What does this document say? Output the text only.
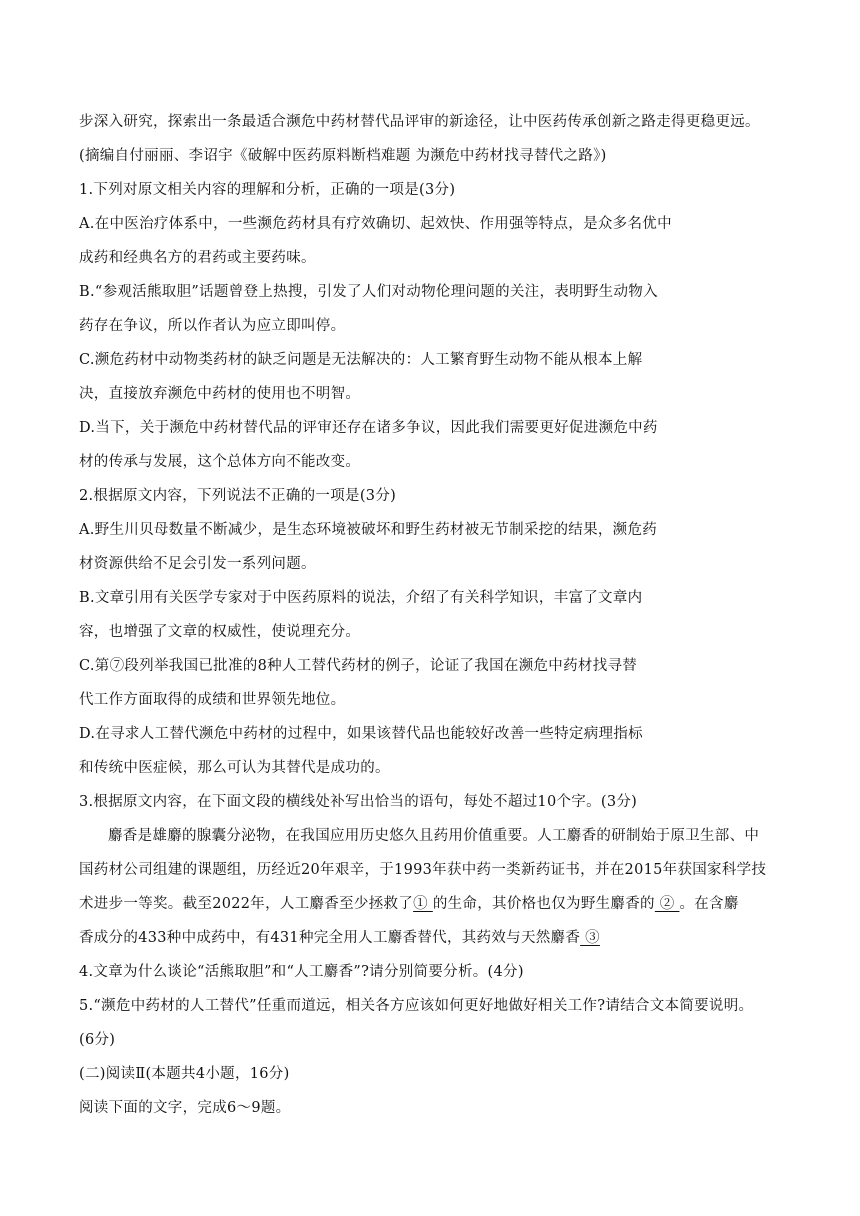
步深入研究，探索出一条最适合濒危中药材替代品评审的新途径，让中医药传承创新之路走得更稳更远。
(摘编自付丽丽、李诏宇《破解中医药原料断档难题 为濒危中药材找寻替代之路》)
1.下列对原文相关内容的理解和分析，正确的一项是(3分)
A.在中医治疗体系中，一些濒危药材具有疗效确切、起效快、作用强等特点，是众多名优中
成药和经典名方的君药或主要药味。
B.“参观活熊取胆”话题曾登上热搜，引发了人们对动物伦理问题的关注，表明野生动物入
药存在争议，所以作者认为应立即叫停。
C.濒危药材中动物类药材的缺乏问题是无法解决的：人工繁育野生动物不能从根本上解
决，直接放弃濒危中药材的使用也不明智。
D.当下，关于濒危中药材替代品的评审还存在诸多争议，因此我们需要更好促进濒危中药
材的传承与发展，这个总体方向不能改变。
2.根据原文内容，下列说法不正确的一项是(3分)
A.野生川贝母数量不断减少，是生态环境被破坏和野生药材被无节制采挖的结果，濒危药
材资源供给不足会引发一系列问题。
B.文章引用有关医学专家对于中医药原料的说法，介绍了有关科学知识，丰富了文章内
容，也增强了文章的权威性，使说理充分。
C.第⑦段列举我国已批准的8种人工替代药材的例子，论证了我国在濒危中药材找寻替
代工作方面取得的成绩和世界领先地位。
D.在寻求人工替代濒危中药材的过程中，如果该替代品也能较好改善一些特定病理指标
和传统中医症候，那么可认为其替代是成功的。
3.根据原文内容，在下面文段的横线处补写出恰当的语句，每处不超过10个字。(3分)
麝香是雄麝的腺囊分泌物，在我国应用历史悠久且药用价值重要。人工麝香的研制始于原卫生部、中
国药材公司组建的课题组，历经近20年艰辛，于1993年获中药一类新药证书，并在2015年获国家科学技
术进步一等奖。截至2022年，人工麝香至少拯救了① 的生命，其价格也仅为野生麝香的 ② 。在含麝
香成分的433种中成药中，有431种完全用人工麝香替代，其药效与天然麝香 ③
4.文章为什么谈论“活熊取胆”和“人工麝香”?请分别简要分析。(4分)
5.“濒危中药材的人工替代”任重而道远，相关各方应该如何更好地做好相关工作?请结合文本简要说明。
(6分)
(二)阅读Ⅱ(本题共4小题，16分)
阅读下面的文字，完成6～9题。
